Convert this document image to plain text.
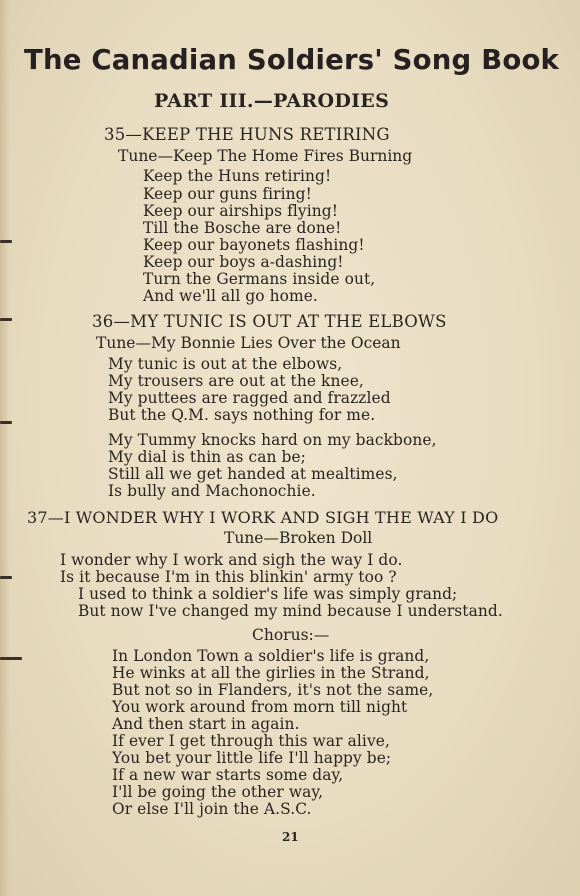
The Canadian Soldiers' Song Book
PART III.—PARODIES
35—KEEP THE HUNS RETIRING
Tune—Keep The Home Fires Burning
Keep the Huns retiring!
Keep our guns firing!
Keep our airships flying!
Till the Bosche are done!
Keep our bayonets flashing!
Keep our boys a-dashing!
Turn the Germans inside out,
And we'll all go home.
36—MY TUNIC IS OUT AT THE ELBOWS
Tune—My Bonnie Lies Over the Ocean
My tunic is out at the elbows,
My trousers are out at the knee,
My puttees are ragged and frazzled
But the Q.M. says nothing for me.
My Tummy knocks hard on my backbone,
My dial is thin as can be;
Still all we get handed at mealtimes,
Is bully and Machonochie.
37—I WONDER WHY I WORK AND SIGH THE WAY I DO
Tune—Broken Doll
I wonder why I work and sigh the way I do.
Is it because I'm in this blinkin' army too ?
I used to think a soldier's life was simply grand;
But now I've changed my mind because I understand.
Chorus:—
In London Town a soldier's life is grand,
He winks at all the girlies in the Strand,
But not so in Flanders, it's not the same,
You work around from morn till night
And then start in again.
If ever I get through this war alive,
You bet your little life I'll happy be;
If a new war starts some day,
I'll be going the other way,
Or else I'll join the A.S.C.
21
